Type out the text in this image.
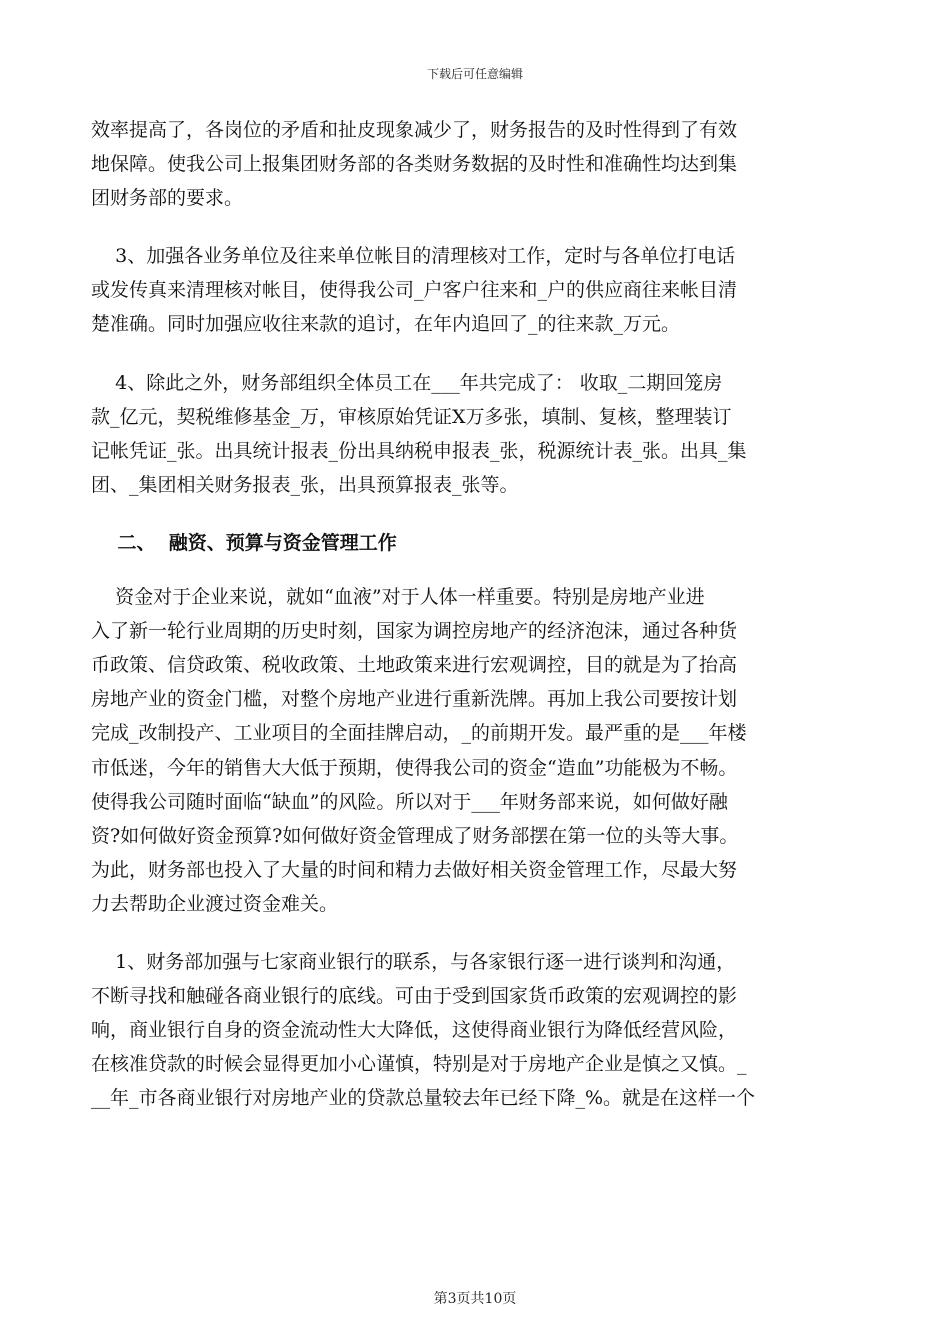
下载后可任意编辑
效率提高了，各岗位的矛盾和扯皮现象减少了，财务报告的及时性得到了有效
地保障。使我公司上报集团财务部的各类财务数据的及时性和准确性均达到集
团财务部的要求。
3、加强各业务单位及往来单位帐目的清理核对工作，定时与各单位打电话
或发传真来清理核对帐目，使得我公司_户客户往来和_户的供应商往来帐目清
楚准确。同时加强应收往来款的追讨，在年内追回了_的往来款_万元。
4、除此之外，财务部组织全体员工在___年共完成了： 收取_二期回笼房
款_亿元，契税维修基金_万，审核原始凭证X万多张，填制、复核，整理装订
记帐凭证_张。出具统计报表_份出具纳税申报表_张，税源统计表_张。出具_集
团、_集团相关财务报表_张，出具预算报表_张等。
二、  融资、预算与资金管理工作
资金对于企业来说，就如“血液”对于人体一样重要。特别是房地产业进
入了新一轮行业周期的历史时刻，国家为调控房地产的经济泡沫，通过各种货
币政策、信贷政策、税收政策、土地政策来进行宏观调控，目的就是为了抬高
房地产业的资金门槛，对整个房地产业进行重新洗牌。再加上我公司要按计划
完成_改制投产、工业项目的全面挂牌启动，_的前期开发。最严重的是___年楼
市低迷，今年的销售大大低于预期，使得我公司的资金“造血”功能极为不畅。
使得我公司随时面临“缺血”的风险。所以对于___年财务部来说，如何做好融
资?如何做好资金预算?如何做好资金管理成了财务部摆在第一位的头等大事。
为此，财务部也投入了大量的时间和精力去做好相关资金管理工作，尽最大努
力去帮助企业渡过资金难关。
1、财务部加强与七家商业银行的联系，与各家银行逐一进行谈判和沟通，
不断寻找和触碰各商业银行的底线。可由于受到国家货币政策的宏观调控的影
响，商业银行自身的资金流动性大大降低，这使得商业银行为降低经营风险，
在核准贷款的时候会显得更加小心谨慎，特别是对于房地产企业是慎之又慎。_
__年_市各商业银行对房地产业的贷款总量较去年已经下降_%。就是在这样一个
第3页共10页
